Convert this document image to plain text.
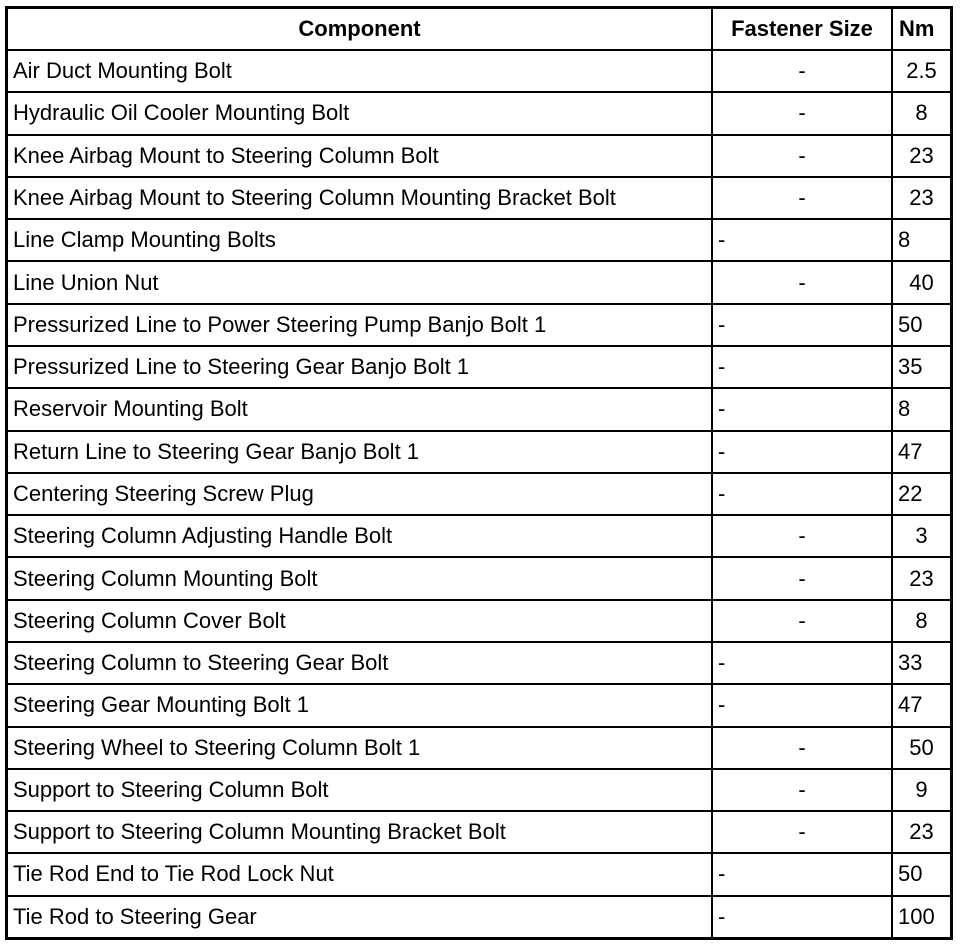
Component	Fastener Size	Nm
Air Duct Mounting Bolt	-	2.5
Hydraulic Oil Cooler Mounting Bolt	-	8
Knee Airbag Mount to Steering Column Bolt	-	23
Knee Airbag Mount to Steering Column Mounting Bracket Bolt	-	23
Line Clamp Mounting Bolts	-	8
Line Union Nut	-	40
Pressurized Line to Power Steering Pump Banjo Bolt 1	-	50
Pressurized Line to Steering Gear Banjo Bolt 1	-	35
Reservoir Mounting Bolt	-	8
Return Line to Steering Gear Banjo Bolt 1	-	47
Centering Steering Screw Plug	-	22
Steering Column Adjusting Handle Bolt	-	3
Steering Column Mounting Bolt	-	23
Steering Column Cover Bolt	-	8
Steering Column to Steering Gear Bolt	-	33
Steering Gear Mounting Bolt 1	-	47
Steering Wheel to Steering Column Bolt 1	-	50
Support to Steering Column Bolt	-	9
Support to Steering Column Mounting Bracket Bolt	-	23
Tie Rod End to Tie Rod Lock Nut	-	50
Tie Rod to Steering Gear	-	100
